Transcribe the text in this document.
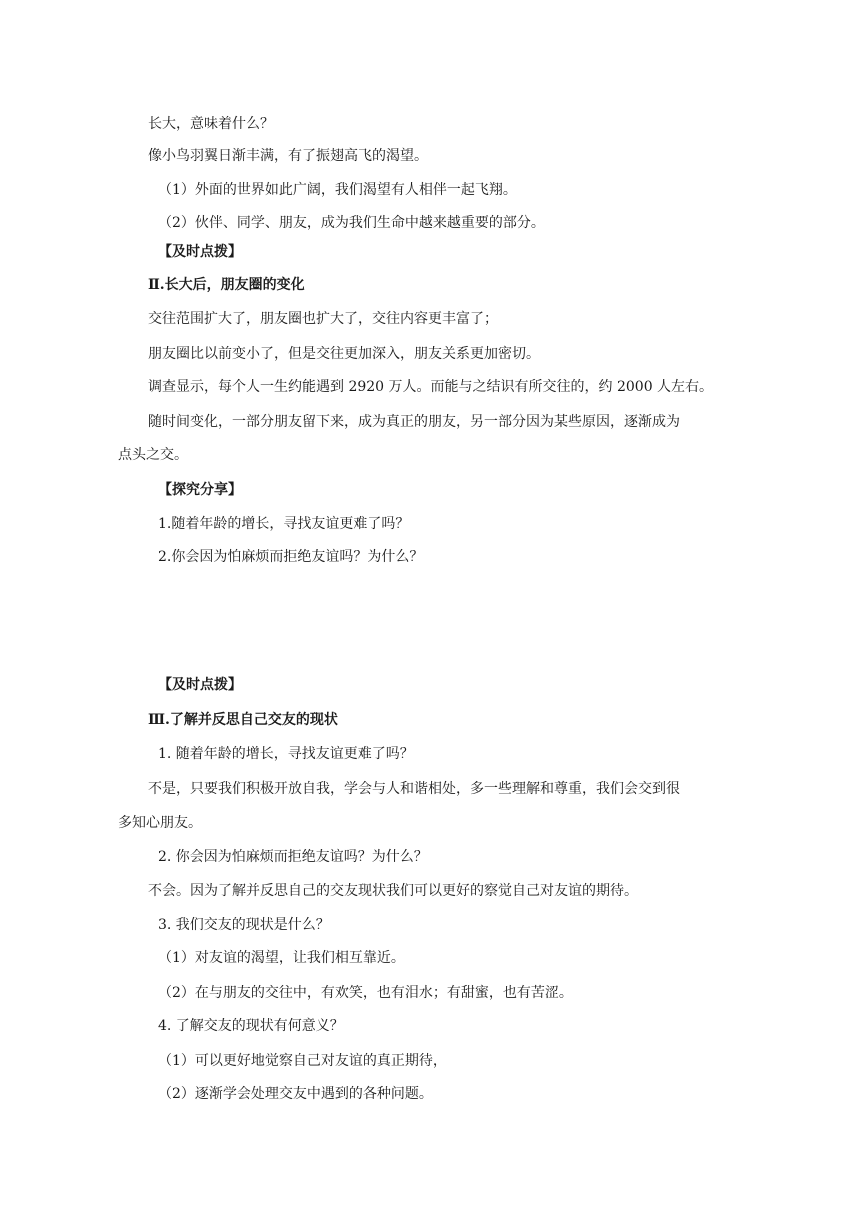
长大，意味着什么？
像小鸟羽翼日渐丰满，有了振翅高飞的渴望。
（1）外面的世界如此广阔，我们渴望有人相伴一起飞翔。
（2）伙伴、同学、朋友，成为我们生命中越来越重要的部分。
【及时点拨】
Ⅱ.长大后，朋友圈的变化
交往范围扩大了，朋友圈也扩大了，交往内容更丰富了；
朋友圈比以前变小了，但是交往更加深入，朋友关系更加密切。
调查显示，每个人一生约能遇到 2920 万人。而能与之结识有所交往的，约 2000 人左右。
随时间变化，一部分朋友留下来，成为真正的朋友，另一部分因为某些原因，逐渐成为
点头之交。
【探究分享】
1.随着年龄的增长，寻找友谊更难了吗？
2.你会因为怕麻烦而拒绝友谊吗？为什么？
【及时点拨】
Ⅲ.了解并反思自己交友的现状
1. 随着年龄的增长，寻找友谊更难了吗？
不是，只要我们积极开放自我，学会与人和谐相处，多一些理解和尊重，我们会交到很
多知心朋友。
2. 你会因为怕麻烦而拒绝友谊吗？为什么？
不会。因为了解并反思自己的交友现状我们可以更好的察觉自己对友谊的期待。
3. 我们交友的现状是什么？
（1）对友谊的渴望，让我们相互靠近。
（2）在与朋友的交往中，有欢笑，也有泪水；有甜蜜，也有苦涩。
4. 了解交友的现状有何意义？
（1）可以更好地觉察自己对友谊的真正期待，
（2）逐渐学会处理交友中遇到的各种问题。
